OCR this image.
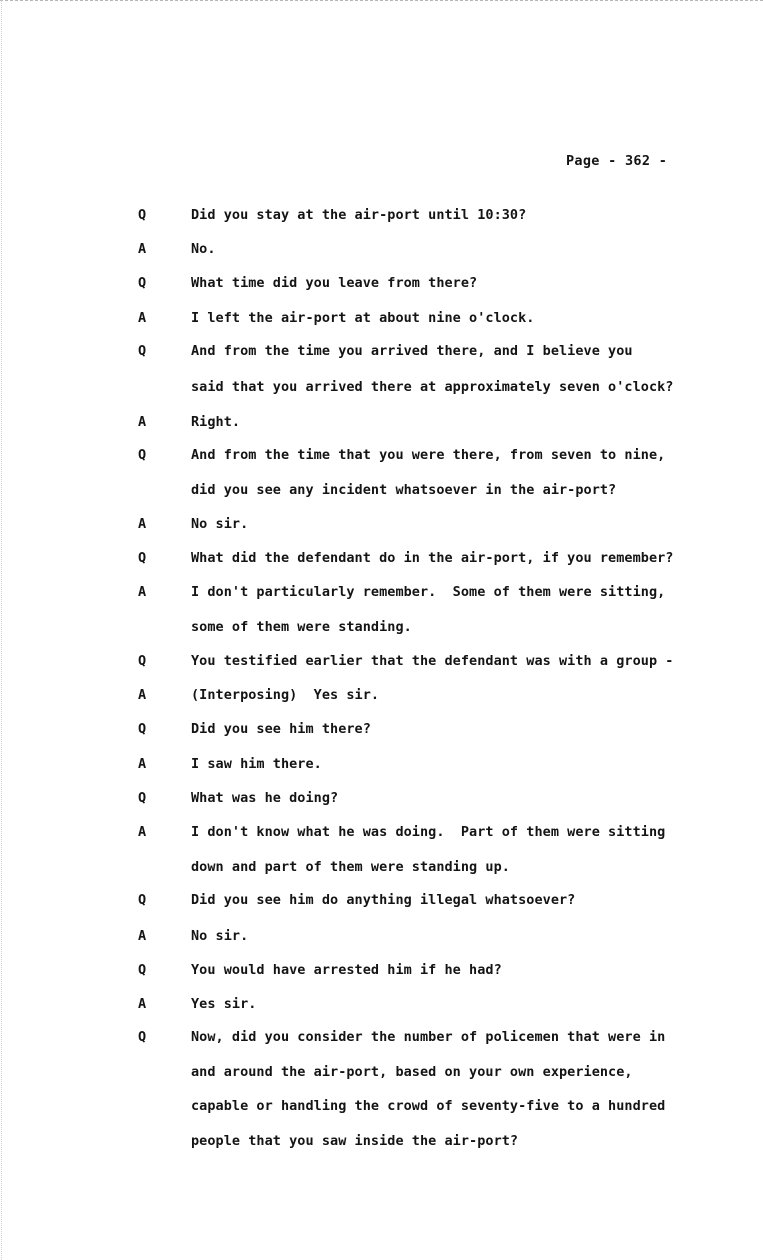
Page - 362 -
Q	Did you stay at the air-port until 10:30?
A	No.
Q	What time did you leave from there?
A	I left the air-port at about nine o'clock.
Q	And from the time you arrived there, and I believe you
said that you arrived there at approximately seven o'clock?
A	Right.
Q	And from the time that you were there, from seven to nine,
did you see any incident whatsoever in the air-port?
A	No sir.
Q	What did the defendant do in the air-port, if you remember?
A	I don't particularly remember.  Some of them were sitting,
some of them were standing.
Q	You testified earlier that the defendant was with a group -
A	(Interposing)  Yes sir.
Q	Did you see him there?
A	I saw him there.
Q	What was he doing?
A	I don't know what he was doing.  Part of them were sitting
down and part of them were standing up.
Q	Did you see him do anything illegal whatsoever?
A	No sir.
Q	You would have arrested him if he had?
A	Yes sir.
Q	Now, did you consider the number of policemen that were in
and around the air-port, based on your own experience,
capable or handling the crowd of seventy-five to a hundred
people that you saw inside the air-port?
